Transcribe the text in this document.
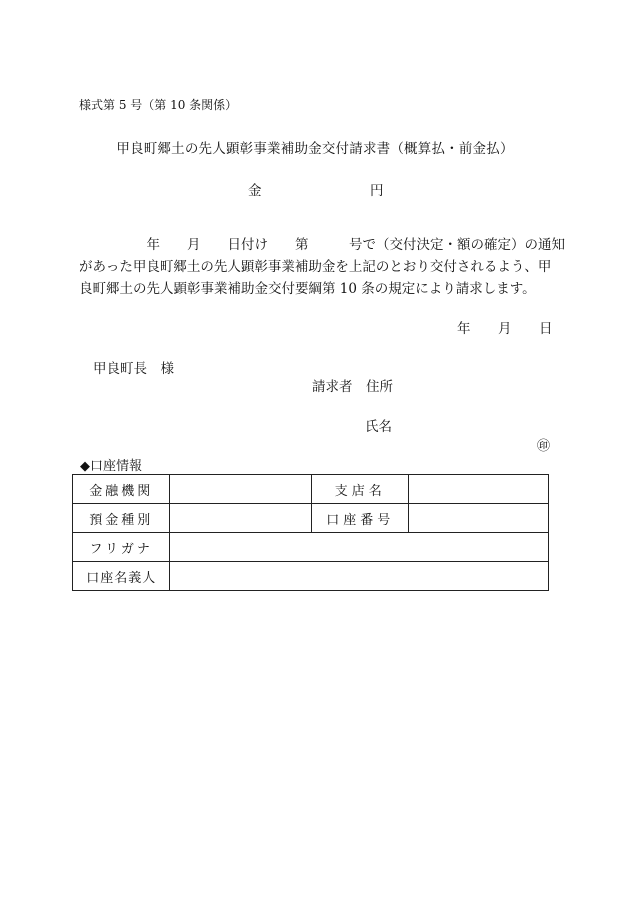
様式第 5 号（第 10 条関係）
甲良町郷土の先人顕彰事業補助金交付請求書（概算払・前金払）
金	円
　　　　　年　　月　　日付け　　第　　　号で（交付決定・額の確定）の通知
があった甲良町郷土の先人顕彰事業補助金を上記のとおり交付されるよう、甲
良町郷土の先人顕彰事業補助金交付要綱第 10 条の規定により請求します。
年 月 日
甲良町長　様
請求者　住所
氏名
㊞
◆口座情報
金融機関		支店名	
預金種別		口座番号	
フリガナ			
口座名義人			
